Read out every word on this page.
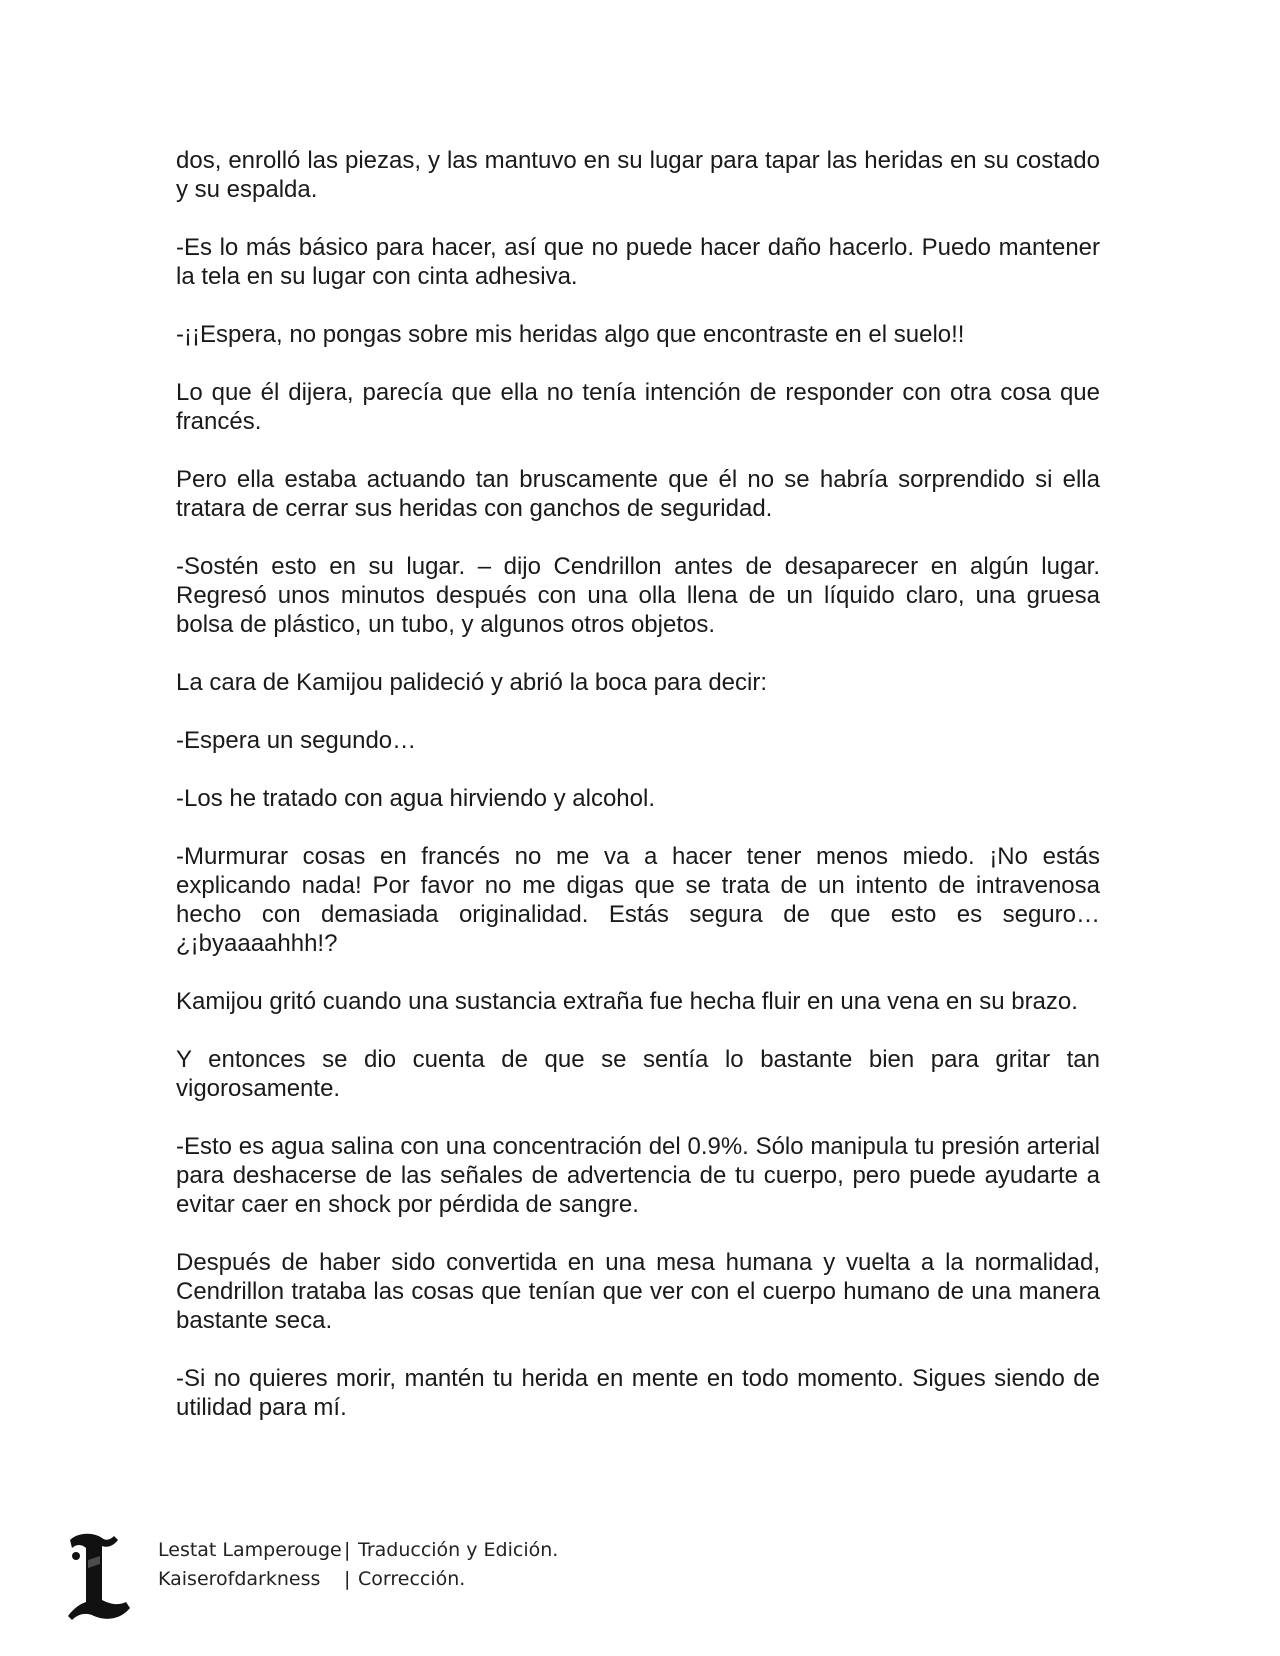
dos, enrolló las piezas, y las mantuvo en su lugar para tapar las heridas en su costado y su espalda.

-Es lo más básico para hacer, así que no puede hacer daño hacerlo. Puedo mantener la tela en su lugar con cinta adhesiva.

-¡¡Espera, no pongas sobre mis heridas algo que encontraste en el suelo!!

Lo que él dijera, parecía que ella no tenía intención de responder con otra cosa que francés.

Pero ella estaba actuando tan bruscamente que él no se habría sorprendido si ella tratara de cerrar sus heridas con ganchos de seguridad.

-Sostén esto en su lugar. – dijo Cendrillon antes de desaparecer en algún lugar. Regresó unos minutos después con una olla llena de un líquido claro, una gruesa bolsa de plástico, un tubo, y algunos otros objetos.

La cara de Kamijou palideció y abrió la boca para decir:

-Espera un segundo…

-Los he tratado con agua hirviendo y alcohol.

-Murmurar cosas en francés no me va a hacer tener menos miedo. ¡No estás explicando nada! Por favor no me digas que se trata de un intento de intravenosa hecho con demasiada originalidad. Estás segura de que esto es seguro… ¿¡byaaaahhh!?

Kamijou gritó cuando una sustancia extraña fue hecha fluir en una vena en su brazo.

Y entonces se dio cuenta de que se sentía lo bastante bien para gritar tan vigorosamente.

-Esto es agua salina con una concentración del 0.9%. Sólo manipula tu presión arterial para deshacerse de las señales de advertencia de tu cuerpo, pero puede ayudarte a evitar caer en shock por pérdida de sangre.

Después de haber sido convertida en una mesa humana y vuelta a la normalidad, Cendrillon trataba las cosas que tenían que ver con el cuerpo humano de una manera bastante seca.

-Si no quieres morir, mantén tu herida en mente en todo momento. Sigues siendo de utilidad para mí.

Lestat Lamperouge | Traducción y Edición.
Kaiserofdarkness	| Corrección.
